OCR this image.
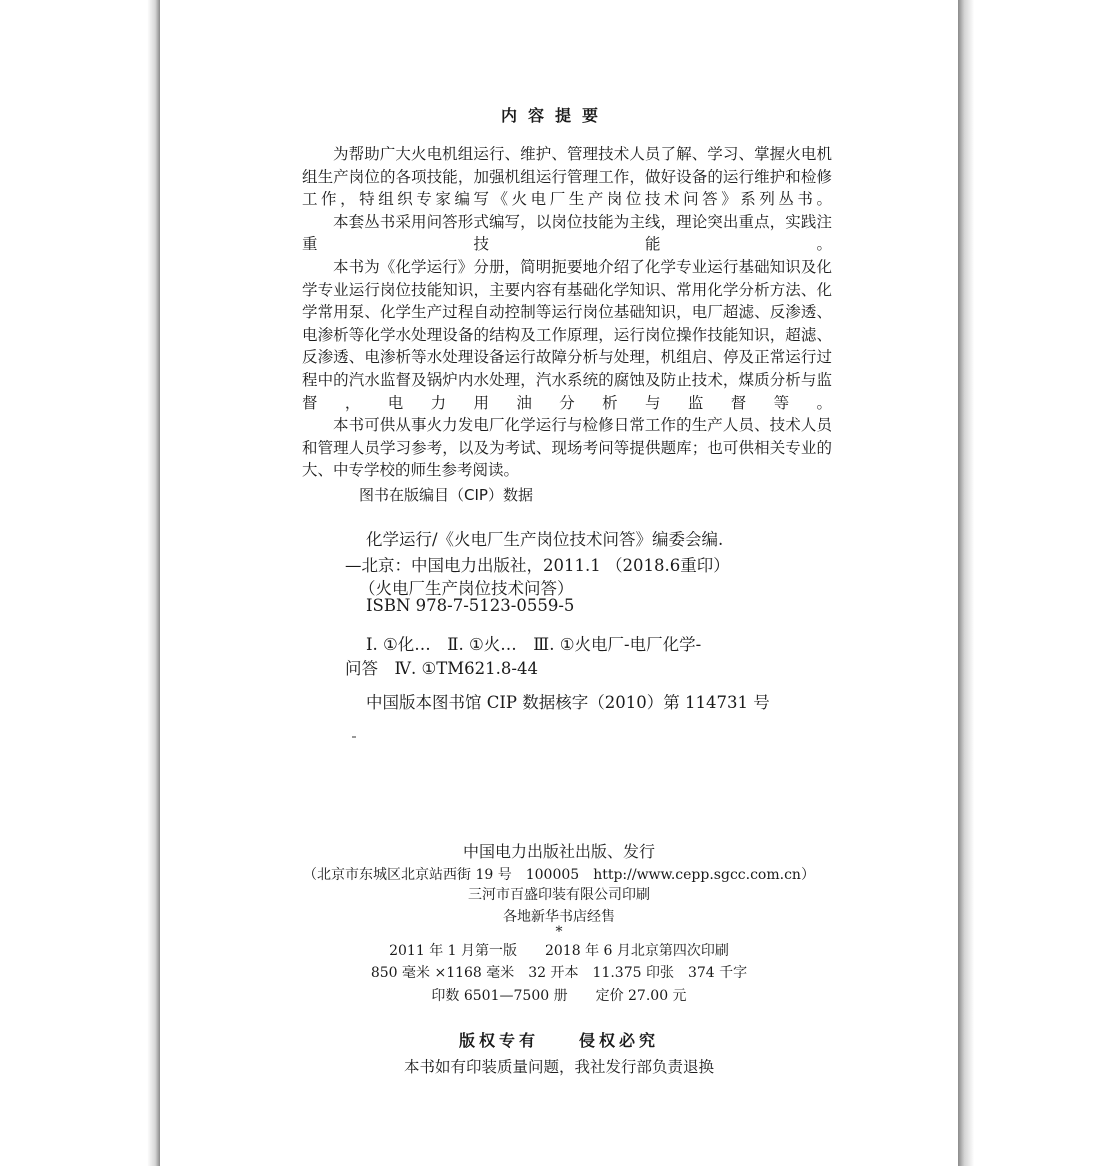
内容提要

为帮助广大火电机组运行、维护、管理技术人员了解、学习、掌握火电机组生产岗位的各项技能，加强机组运行管理工作，做好设备的运行维护和检修工作，特组织专家编写《火电厂生产岗位技术问答》系列丛书。

本套丛书采用问答形式编写，以岗位技能为主线，理论突出重点，实践注重技能。

本书为《化学运行》分册，简明扼要地介绍了化学专业运行基础知识及化学专业运行岗位技能知识，主要内容有基础化学知识、常用化学分析方法、化学常用泵、化学生产过程自动控制等运行岗位基础知识，电厂超滤、反渗透、电渗析等化学水处理设备的结构及工作原理，运行岗位操作技能知识，超滤、反渗透、电渗析等水处理设备运行故障分析与处理，机组启、停及正常运行过程中的汽水监督及锅炉内水处理，汽水系统的腐蚀及防止技术，煤质分析与监督，电力用油分析与监督等。

本书可供从事火力发电厂化学运行与检修日常工作的生产人员、技术人员和管理人员学习参考，以及为考试、现场考问等提供题库；也可供相关专业的大、中专学校的师生参考阅读。

图书在版编目（CIP）数据
化学运行/《火电厂生产岗位技术问答》编委会编.
—北京：中国电力出版社，2011.1 （2018.6重印）
（火电厂生产岗位技术问答）
ISBN 978-7-5123-0559-5
Ⅰ. ①化…　Ⅱ. ①火…　Ⅲ. ①火电厂-电厂化学-
问答　Ⅳ. ①TM621.8-44
中国版本图书馆 CIP 数据核字（2010）第 114731 号
中国电力出版社出版、发行
（北京市东城区北京站西街 19 号　100005　http://www.cepp.sgcc.com.cn）
三河市百盛印装有限公司印刷
各地新华书店经售
*
2011 年 1 月第一版　　2018 年 6 月北京第四次印刷
850 毫米 ×1168 毫米　32 开本　11.375 印张　374 千字
印数 6501—7500 册　　定价 27.00 元
版权专有　　侵权必究
本书如有印装质量问题，我社发行部负责退换
